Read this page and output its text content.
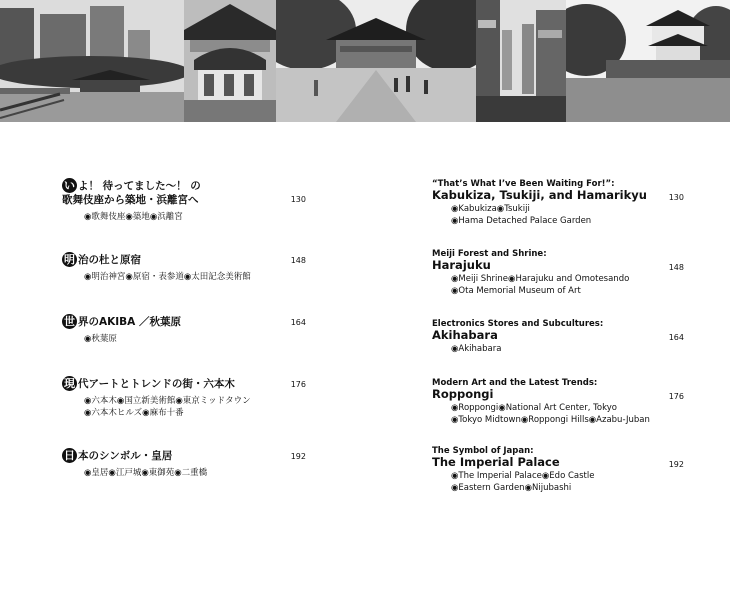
い よ！ 待ってました～！ の
歌舞伎座から築地・浜離宮へ	130
◉歌舞伎座◉築地◉浜離宮
明 治の杜と原宿	148
◉明治神宮◉原宿・表参道◉太田記念美術館
世 界のAKIBA ／秋葉原	164
◉秋葉原
現 代アートとトレンドの街・六本木	176
◉六本木◉国立新美術館◉東京ミッドタウン
◉六本木ヒルズ◉麻布十番
日 本のシンボル・皇居	192
◉皇居◉江戸城◉東御苑◉二重橋
“That’s What I’ve Been Waiting For!”:
Kabukiza, Tsukiji, and Hamarikyu	130
◉Kabukiza◉Tsukiji
◉Hama Detached Palace Garden
Meiji Forest and Shrine:
Harajuku	148
◉Meiji Shrine◉Harajuku and Omotesando
◉Ota Memorial Museum of Art
Electronics Stores and Subcultures:
Akihabara	164
◉Akihabara
Modern Art and the Latest Trends:
Roppongi	176
◉Roppongi◉National Art Center, Tokyo
◉Tokyo Midtown◉Roppongi Hills◉Azabu-Juban
The Symbol of Japan:
The Imperial Palace	192
◉The Imperial Palace◉Edo Castle
◉Eastern Garden◉Nijubashi
